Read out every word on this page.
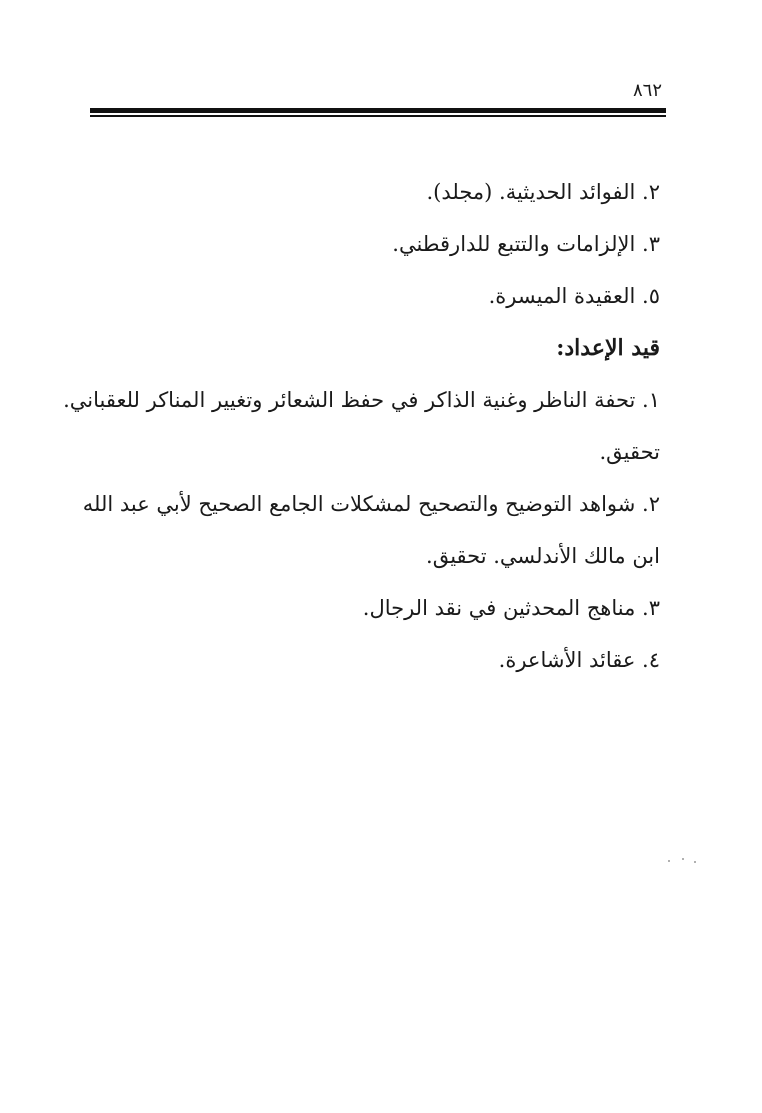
٨٦٢
٢. الفوائد الحديثية. (مجلد).
٣. الإلزامات والتتبع للدارقطني.
٥. العقيدة الميسرة.
قيد الإعداد:
١. تحفة الناظر وغنية الذاكر في حفظ الشعائر وتغيير المناكر للعقباني.
تحقيق.
٢. شواهد التوضيح والتصحيح لمشكلات الجامع الصحيح لأبي عبد الله
ابن مالك الأندلسي. تحقيق.
٣. مناهج المحدثين في نقد الرجال.
٤. عقائد الأشاعرة.
